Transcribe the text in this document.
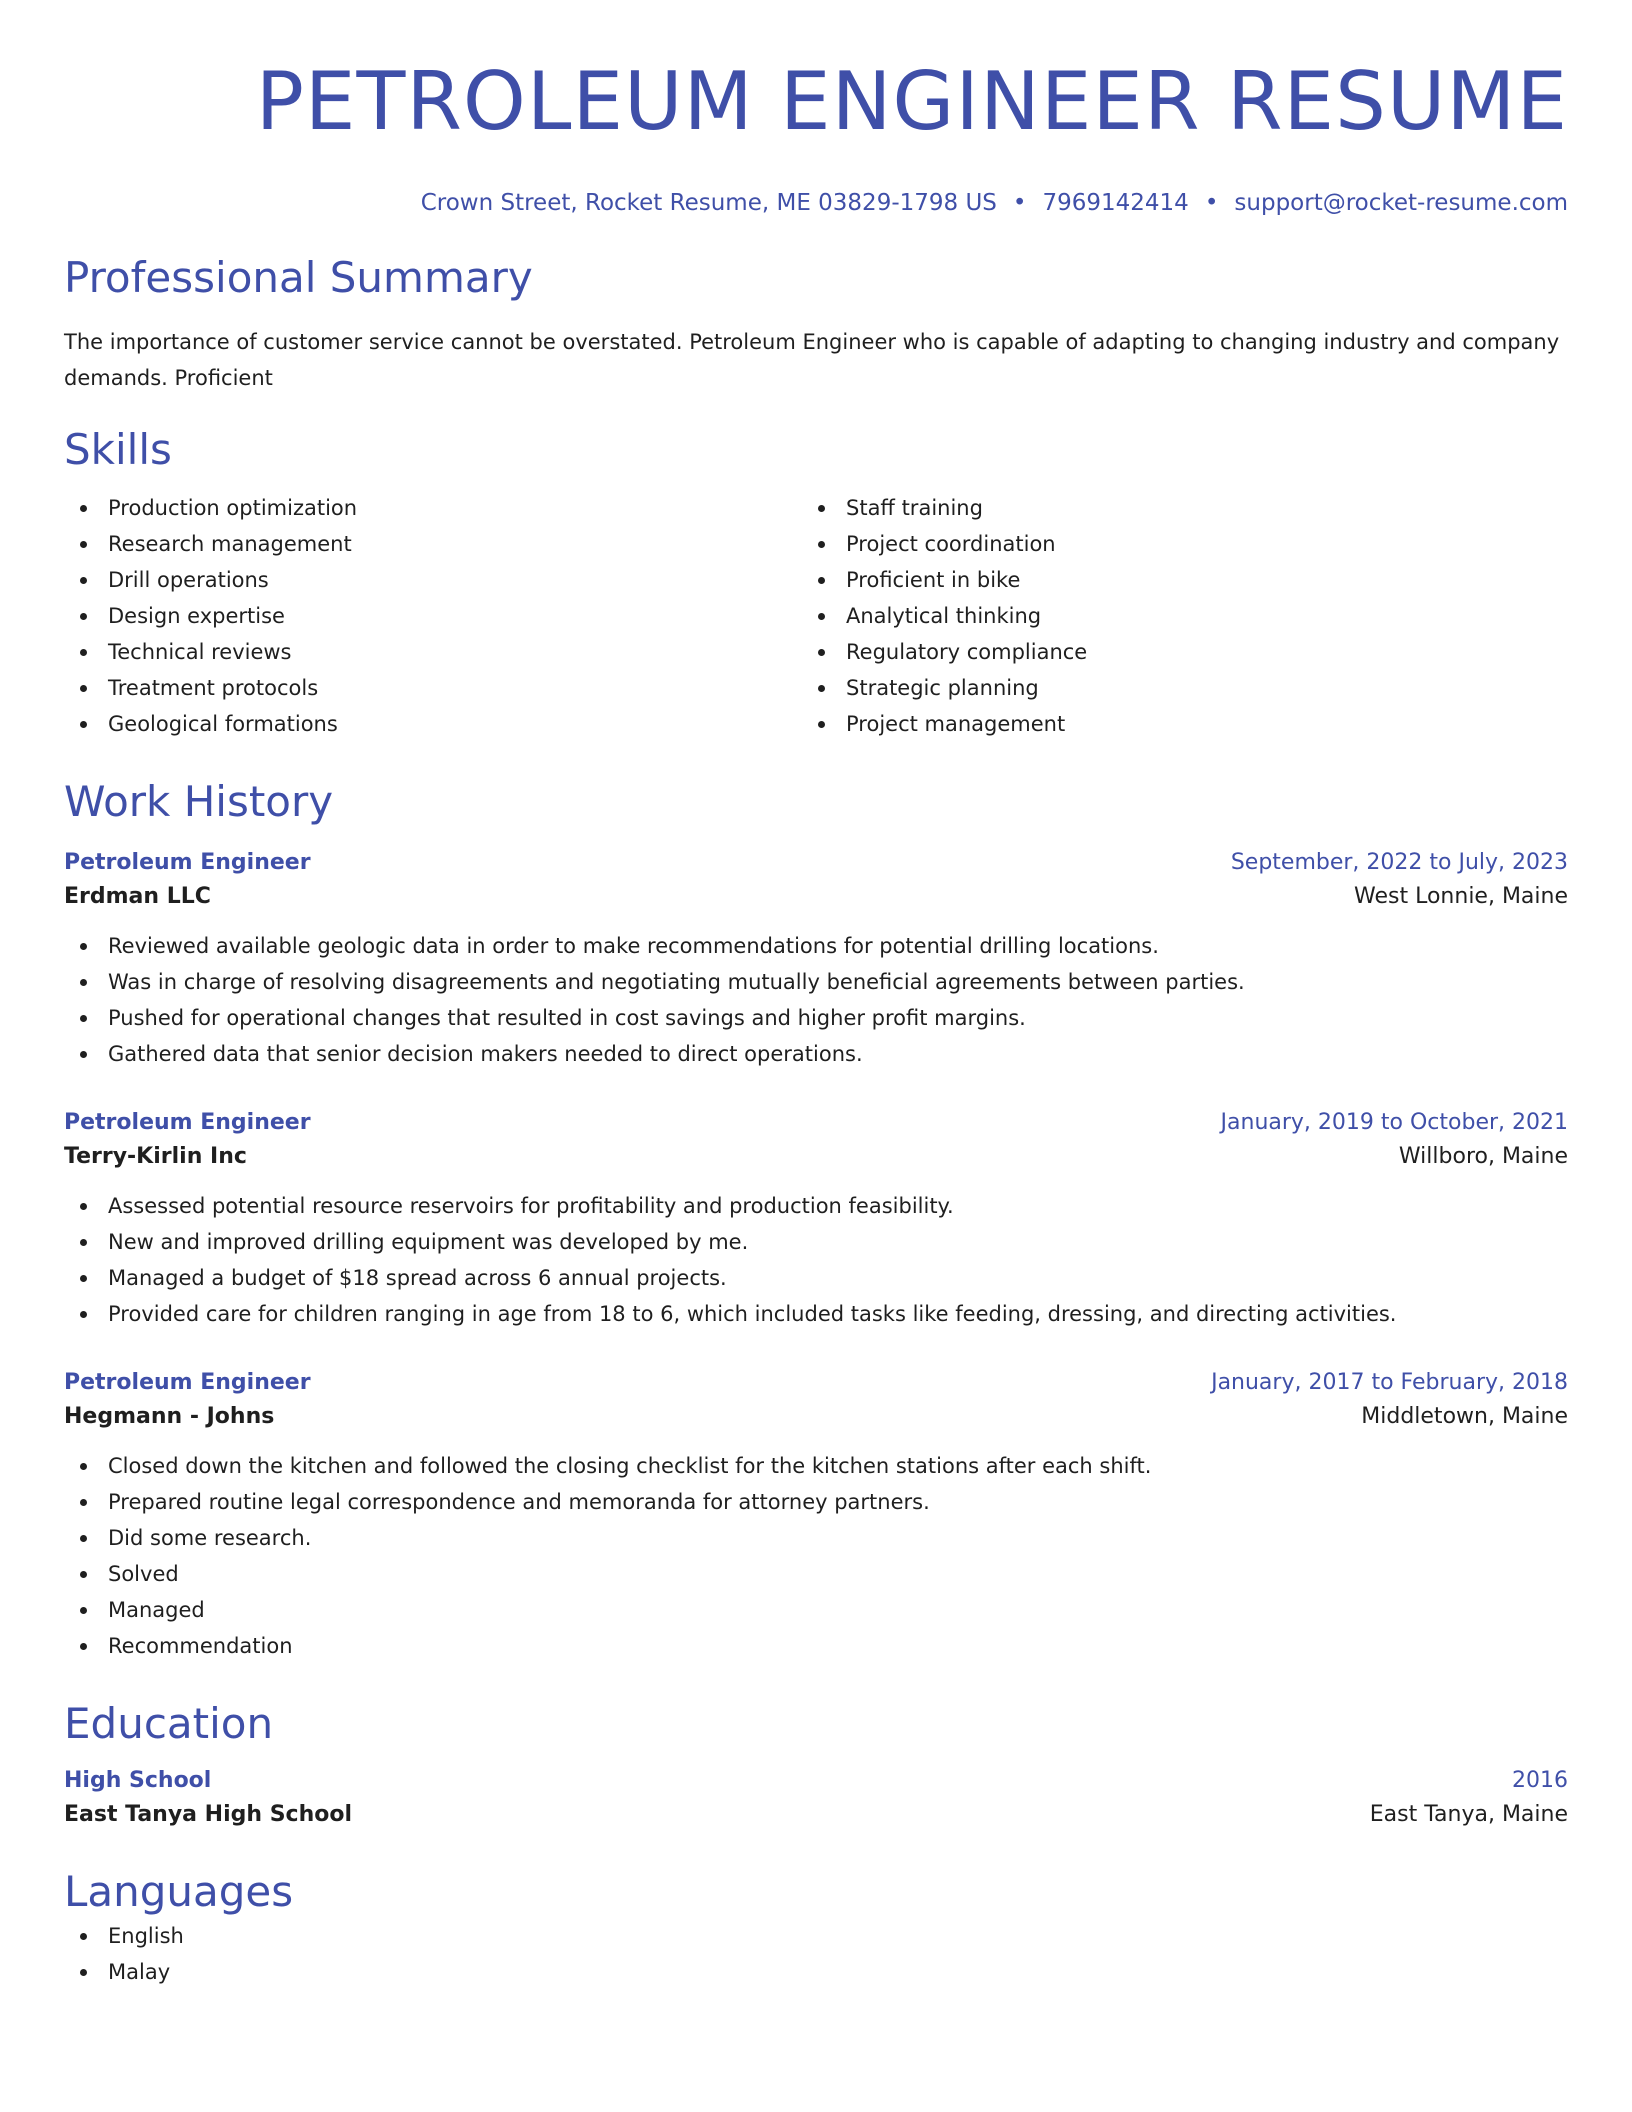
PETROLEUM ENGINEER RESUME
Crown Street, Rocket Resume, ME 03829-1798 US • 7969142414 • support@rocket-resume.com
Professional Summary
The importance of customer service cannot be overstated. Petroleum Engineer who is capable of adapting to changing industry and company demands. Proficient
Skills
Production optimization
Research management
Drill operations
Design expertise
Technical reviews
Treatment protocols
Geological formations
Staff training
Project coordination
Proficient in bike
Analytical thinking
Regulatory compliance
Strategic planning
Project management
Work History
Petroleum Engineer	September, 2022 to July, 2023
Erdman LLC	West Lonnie, Maine
Reviewed available geologic data in order to make recommendations for potential drilling locations.
Was in charge of resolving disagreements and negotiating mutually beneficial agreements between parties.
Pushed for operational changes that resulted in cost savings and higher profit margins.
Gathered data that senior decision makers needed to direct operations.
Petroleum Engineer	January, 2019 to October, 2021
Terry-Kirlin Inc	Willboro, Maine
Assessed potential resource reservoirs for profitability and production feasibility.
New and improved drilling equipment was developed by me.
Managed a budget of $18 spread across 6 annual projects.
Provided care for children ranging in age from 18 to 6, which included tasks like feeding, dressing, and directing activities.
Petroleum Engineer	January, 2017 to February, 2018
Hegmann - Johns	Middletown, Maine
Closed down the kitchen and followed the closing checklist for the kitchen stations after each shift.
Prepared routine legal correspondence and memoranda for attorney partners.
Did some research.
Solved
Managed
Recommendation
Education
High School	2016
East Tanya High School	East Tanya, Maine
Languages
English
Malay
